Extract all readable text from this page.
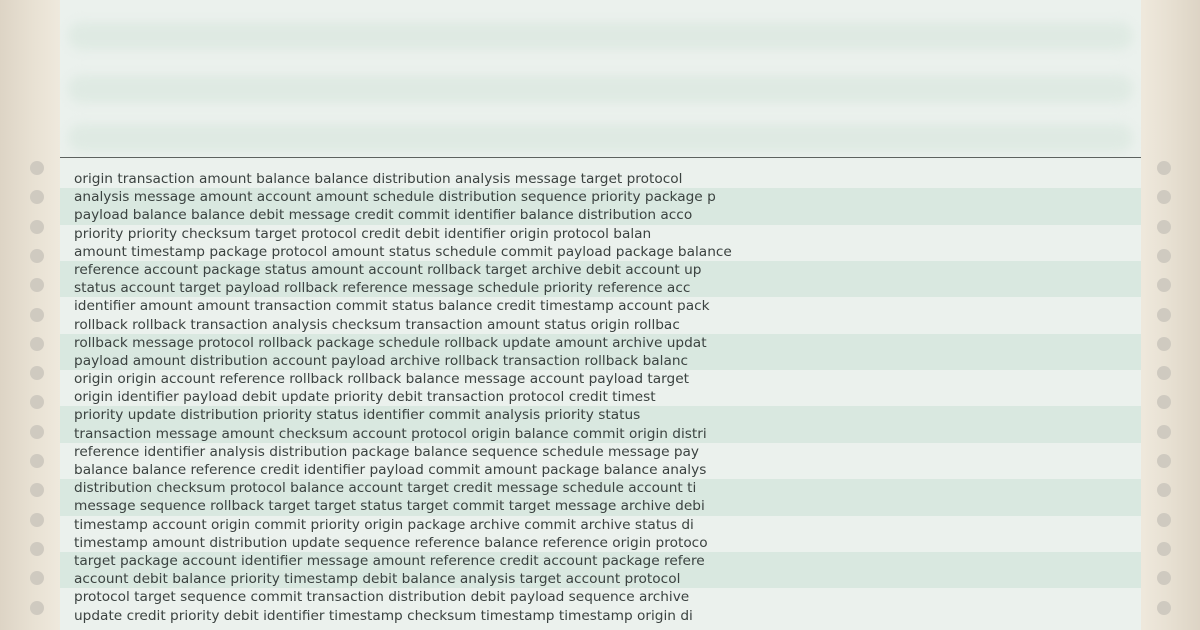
origin transaction amount balance balance distribution analysis message target protocol
analysis message amount account amount schedule distribution sequence priority package p
payload balance balance debit message credit commit identifier balance distribution acco
priority priority checksum target protocol credit debit identifier origin protocol balan
amount timestamp package protocol amount status schedule commit payload package balance
reference account package status amount account rollback target archive debit account up
status account target payload rollback reference message schedule priority reference acc
identifier amount amount transaction commit status balance credit timestamp account pack
rollback rollback transaction analysis checksum transaction amount status origin rollbac
rollback message protocol rollback package schedule rollback update amount archive updat
payload amount distribution account payload archive rollback transaction rollback balanc
origin origin account reference rollback rollback balance message account payload target
origin identifier payload debit update priority debit transaction protocol credit timest
priority update distribution priority status identifier commit analysis priority status
transaction message amount checksum account protocol origin balance commit origin distri
reference identifier analysis distribution package balance sequence schedule message pay
balance balance reference credit identifier payload commit amount package balance analys
distribution checksum protocol balance account target credit message schedule account ti
message sequence rollback target target status target commit target message archive debi
timestamp account origin commit priority origin package archive commit archive status di
timestamp amount distribution update sequence reference balance reference origin protoco
target package account identifier message amount reference credit account package refere
account debit balance priority timestamp debit balance analysis target account protocol
protocol target sequence commit transaction distribution debit payload sequence archive
update credit priority debit identifier timestamp checksum timestamp timestamp origin di
